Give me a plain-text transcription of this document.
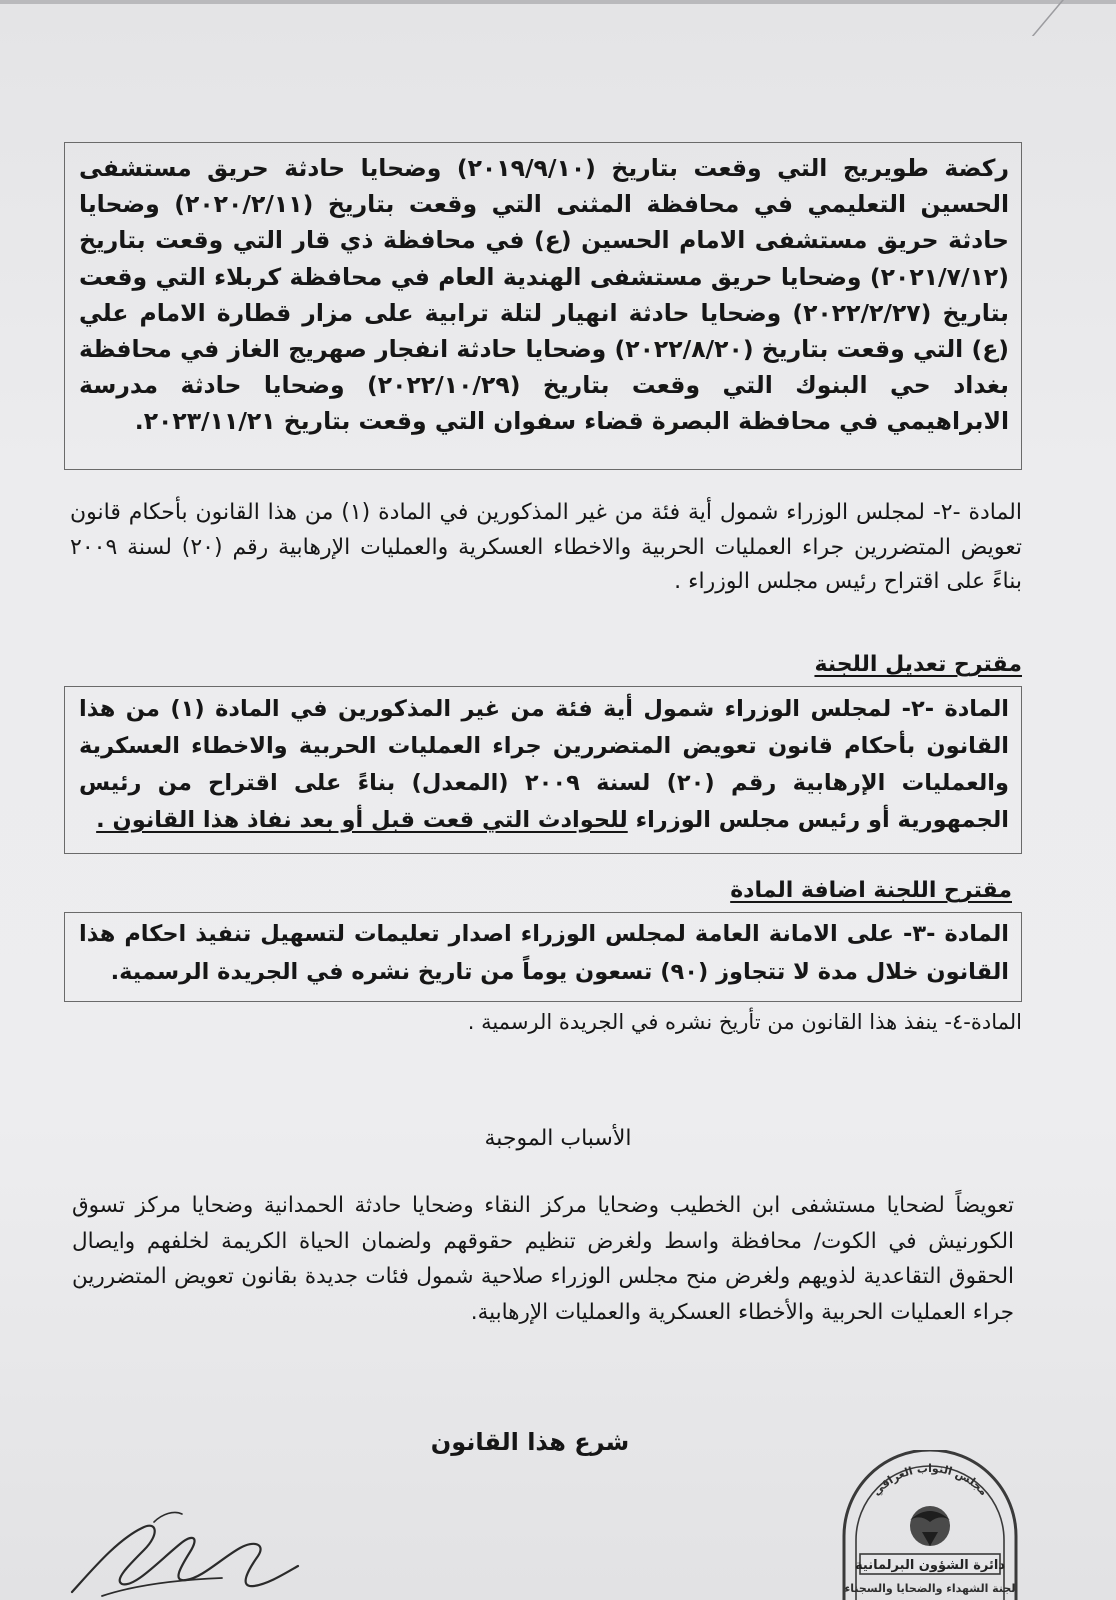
ركضة طويريج التي وقعت بتاريخ (٢٠١٩/٩/١٠) وضحايا حادثة حريق مستشفى الحسين التعليمي في محافظة المثنى التي وقعت بتاريخ (٢٠٢٠/٢/١١) وضحايا حادثة حريق مستشفى الامام الحسين (ع) في محافظة ذي قار التي وقعت بتاريخ (٢٠٢١/٧/١٢) وضحايا حريق مستشفى الهندية العام في محافظة كربلاء التي وقعت بتاريخ (٢٠٢٢/٢/٢٧) وضحايا حادثة انهيار لتلة ترابية على مزار قطارة الامام علي (ع) التي وقعت بتاريخ (٢٠٢٢/٨/٢٠) وضحايا حادثة انفجار صهريج الغاز في محافظة بغداد حي البنوك التي وقعت بتاريخ (٢٠٢٢/١٠/٢٩) وضحايا حادثة مدرسة الابراهيمي في محافظة البصرة قضاء سفوان التي وقعت بتاريخ ٢٠٢٣/١١/٢١.
المادة -٢- لمجلس الوزراء شمول أية فئة من غير المذكورين في المادة (١) من هذا القانون بأحكام قانون تعويض المتضررين جراء العمليات الحربية والاخطاء العسكرية والعمليات الإرهابية رقم (٢٠) لسنة ٢٠٠٩ بناءً على اقتراح رئيس مجلس الوزراء .
مقترح تعديل اللجنة
المادة -٢- لمجلس الوزراء شمول أية فئة من غير المذكورين في المادة (١) من هذا القانون بأحكام قانون تعويض المتضررين جراء العمليات الحربية والاخطاء العسكرية والعمليات الإرهابية رقم (٢٠) لسنة ٢٠٠٩ (المعدل) بناءً على اقتراح من رئيس الجمهورية أو رئيس مجلس الوزراء للحوادث التي قعت قبل أو بعد نفاذ هذا القانون .
مقترح اللجنة اضافة المادة
المادة -٣- على الامانة العامة لمجلس الوزراء اصدار تعليمات لتسهيل تنفيذ احكام هذا القانون خلال مدة لا تتجاوز (٩٠) تسعون يوماً من تاريخ نشره في الجريدة الرسمية.
المادة-٤- ينفذ هذا القانون من تأريخ نشره في الجريدة الرسمية .
الأسباب الموجبة
تعويضاً لضحايا مستشفى ابن الخطيب وضحايا مركز النقاء وضحايا حادثة الحمدانية وضحايا مركز تسوق الكورنيش في الكوت/ محافظة واسط ولغرض تنظيم حقوقهم ولضمان الحياة الكريمة لخلفهم وايصال الحقوق التقاعدية لذويهم ولغرض منح مجلس الوزراء صلاحية شمول فئات جديدة بقانون تعويض المتضررين جراء العمليات الحربية والأخطاء العسكرية والعمليات الإرهابية.
شرع هذا القانون
مجلس النواب العراقي
دائرة الشؤون البرلمانية
لجنة الشهداء والضحايا والسجناء
